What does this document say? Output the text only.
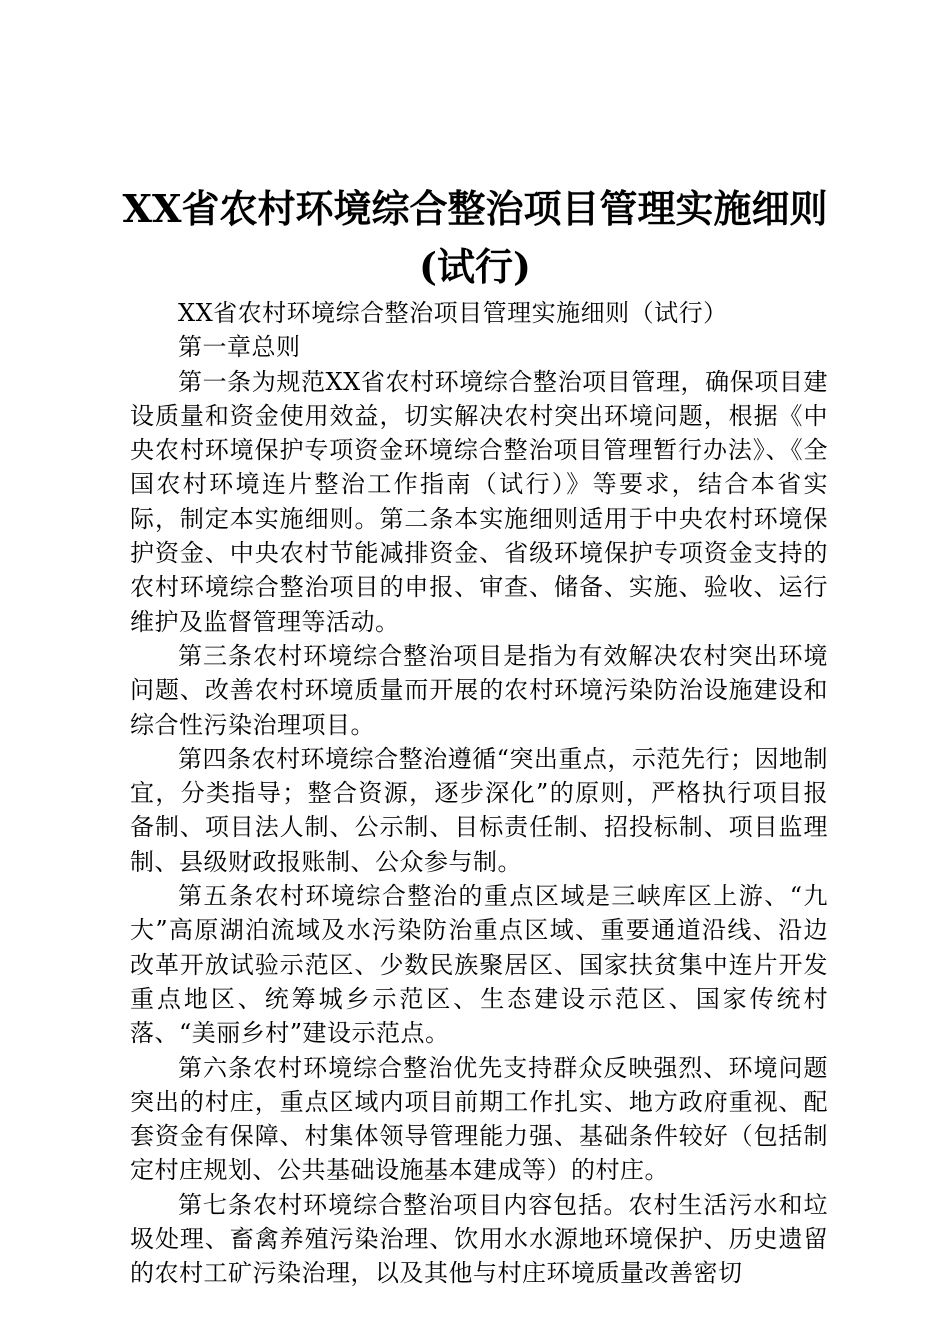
XX省农村环境综合整治项目管理实施细则(试行)

XX省农村环境综合整治项目管理实施细则（试行）

第一章总则

第一条为规范XX省农村环境综合整治项目管理，确保项目建设质量和资金使用效益，切实解决农村突出环境问题，根据《中央农村环境保护专项资金环境综合整治项目管理暂行办法》、《全国农村环境连片整治工作指南（试行）》等要求，结合本省实际，制定本实施细则。第二条本实施细则适用于中央农村环境保护资金、中央农村节能减排资金、省级环境保护专项资金支持的农村环境综合整治项目的申报、审查、储备、实施、验收、运行维护及监督管理等活动。

第三条农村环境综合整治项目是指为有效解决农村突出环境问题、改善农村环境质量而开展的农村环境污染防治设施建设和综合性污染治理项目。

第四条农村环境综合整治遵循“突出重点，示范先行；因地制宜，分类指导；整合资源，逐步深化”的原则，严格执行项目报备制、项目法人制、公示制、目标责任制、招投标制、项目监理制、县级财政报账制、公众参与制。

第五条农村环境综合整治的重点区域是三峡库区上游、“九大”高原湖泊流域及水污染防治重点区域、重要通道沿线、沿边改革开放试验示范区、少数民族聚居区、国家扶贫集中连片开发重点地区、统筹城乡示范区、生态建设示范区、国家传统村落、“美丽乡村”建设示范点。

第六条农村环境综合整治优先支持群众反映强烈、环境问题突出的村庄，重点区域内项目前期工作扎实、地方政府重视、配套资金有保障、村集体领导管理能力强、基础条件较好（包括制定村庄规划、公共基础设施基本建成等）的村庄。

第七条农村环境综合整治项目内容包括。农村生活污水和垃圾处理、畜禽养殖污染治理、饮用水水源地环境保护、历史遗留的农村工矿污染治理，以及其他与村庄环境质量改善密切
